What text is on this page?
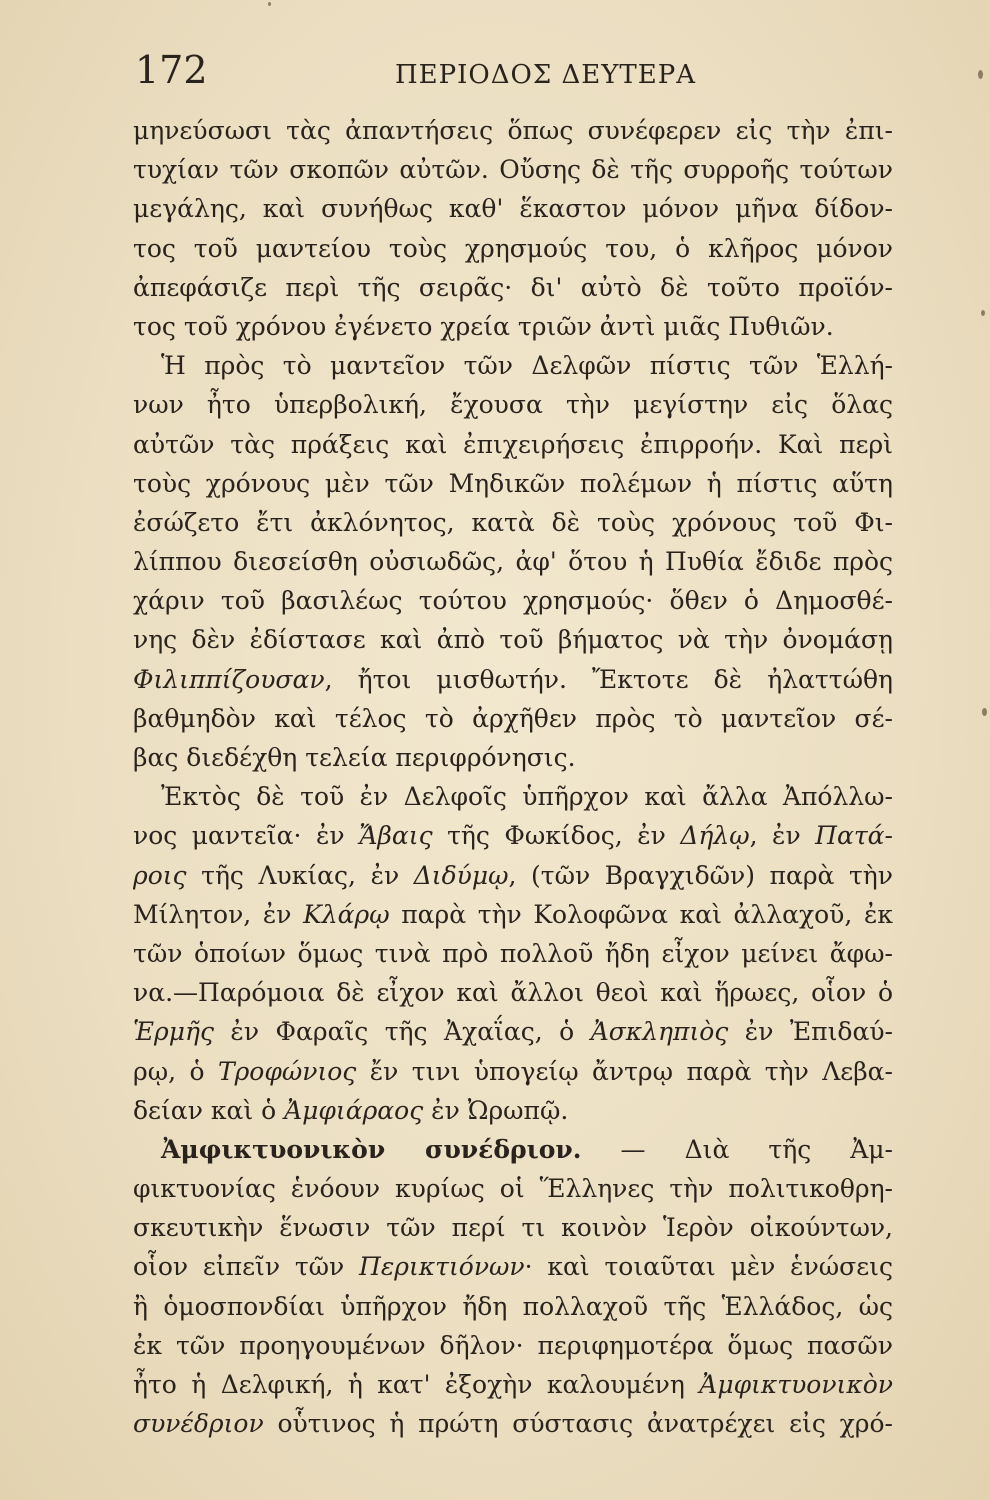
172	ΠΕΡΙΟΔΟΣ ΔΕΥΤΕΡΑ
μηνεύσωσι τὰς ἀπαντήσεις ὅπως συνέφερεν εἰς τὴν ἐπι-
τυχίαν τῶν σκοπῶν αὐτῶν. Οὔσης δὲ τῆς συρροῆς τούτων
μεγάλης, καὶ συνήθως καθ' ἕκαστον μόνον μῆνα δίδον-
τος τοῦ μαντείου τοὺς χρησμούς του, ὁ κλῆρος μόνον
ἀπεφάσιζε περὶ τῆς σειρᾶς· δι' αὐτὸ δὲ τοῦτο προϊόν-
τος τοῦ χρόνου ἐγένετο χρεία τριῶν ἀντὶ μιᾶς Πυθιῶν.
Ἡ πρὸς τὸ μαντεῖον τῶν Δελφῶν πίστις τῶν Ἑλλή-
νων ἦτο ὑπερβολική, ἔχουσα τὴν μεγίστην εἰς ὅλας
αὐτῶν τὰς πράξεις καὶ ἐπιχειρήσεις ἐπιρροήν. Καὶ περὶ
τοὺς χρόνους μὲν τῶν Μηδικῶν πολέμων ἡ πίστις αὕτη
ἐσώζετο ἔτι ἀκλόνητος, κατὰ δὲ τοὺς χρόνους τοῦ Φι-
λίππου διεσείσθη οὐσιωδῶς, ἀφ' ὅτου ἡ Πυθία ἔδιδε πρὸς
χάριν τοῦ βασιλέως τούτου χρησμούς· ὅθεν ὁ Δημοσθέ-
νης δὲν ἐδίστασε καὶ ἀπὸ τοῦ βήματος νὰ τὴν ὀνομάσῃ
Φιλιππίζουσαν, ἤτοι μισθωτήν. Ἔκτοτε δὲ ἠλαττώθη
βαθμηδὸν καὶ τέλος τὸ ἀρχῆθεν πρὸς τὸ μαντεῖον σέ-
βας διεδέχθη τελεία περιφρόνησις.
Ἐκτὸς δὲ τοῦ ἐν Δελφοῖς ὑπῆρχον καὶ ἄλλα Ἀπόλλω-
νος μαντεῖα· ἐν Ἄβαις τῆς Φωκίδος, ἐν Δήλῳ, ἐν Πατά-
ροις τῆς Λυκίας, ἐν Διδύμῳ, (τῶν Βραγχιδῶν) παρὰ τὴν
Μίλητον, ἐν Κλάρῳ παρὰ τὴν Κολοφῶνα καὶ ἀλλαχοῦ, ἐκ
τῶν ὁποίων ὅμως τινὰ πρὸ πολλοῦ ἤδη εἶχον μείνει ἄφω-
να.—Παρόμοια δὲ εἶχον καὶ ἄλλοι θεοὶ καὶ ἥρωες, οἷον ὁ
Ἑρμῆς ἐν Φαραῖς τῆς Ἀχαΐας, ὁ Ἀσκληπιὸς ἐν Ἐπιδαύ-
ρῳ, ὁ Τροφώνιος ἔν τινι ὑπογείῳ ἄντρῳ παρὰ τὴν Λεβα-
δείαν καὶ ὁ Ἀμφιάραος ἐν Ὠρωπῷ.
Ἀμφικτυονικὸν συνέδριον. — Διὰ τῆς Ἀμ-
φικτυονίας ἑνόουν κυρίως οἱ Ἕλληνες τὴν πολιτικοθρη-
σκευτικὴν ἕνωσιν τῶν περί τι κοινὸν Ἱερὸν οἰκούντων,
οἷον εἰπεῖν τῶν Περικτιόνων· καὶ τοιαῦται μὲν ἑνώσεις
ἢ ὁμοσπονδίαι ὑπῆρχον ἤδη πολλαχοῦ τῆς Ἑλλάδος, ὡς
ἐκ τῶν προηγουμένων δῆλον· περιφημοτέρα ὅμως πασῶν
ἦτο ἡ Δελφική, ἡ κατ' ἐξοχὴν καλουμένη Ἀμφικτυονικὸν
συνέδριον οὗτινος ἡ πρώτη σύστασις ἀνατρέχει εἰς χρό-
